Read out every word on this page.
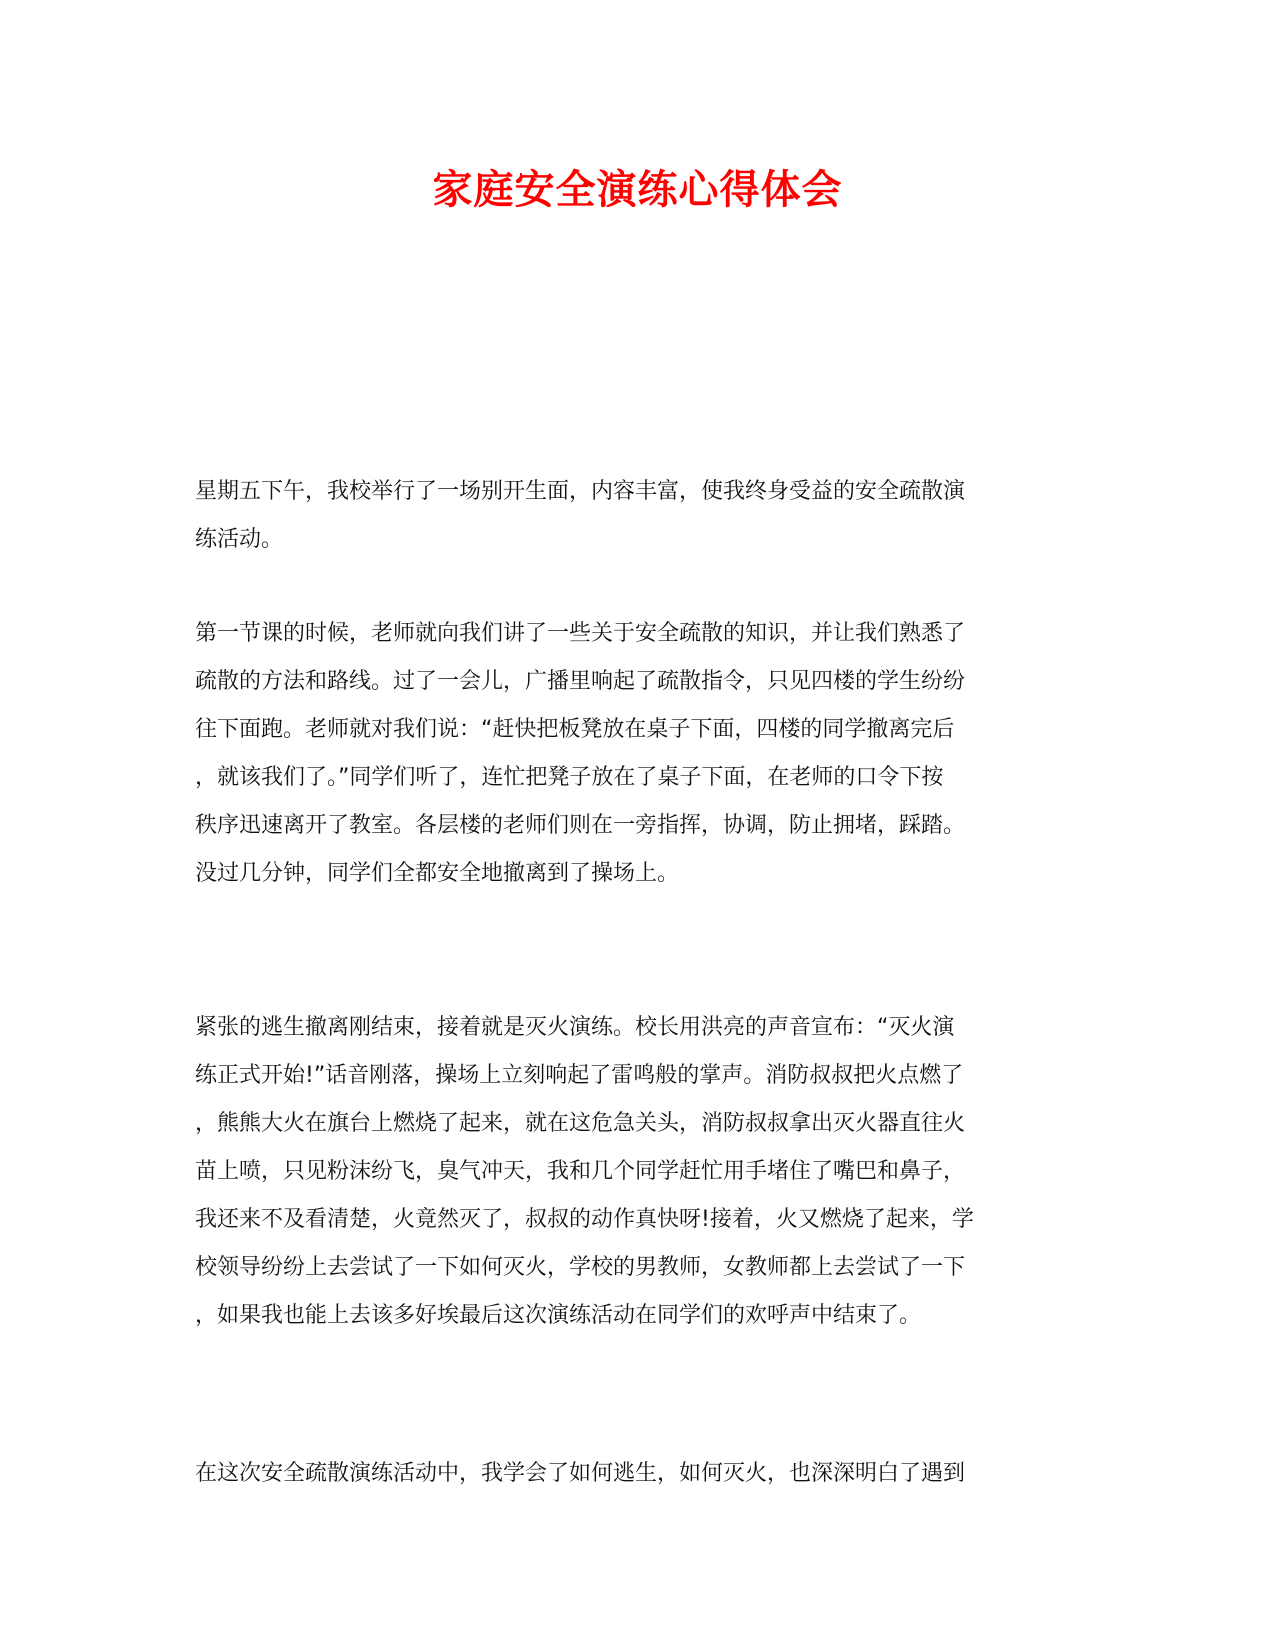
家庭安全演练心得体会
星期五下午，我校举行了一场别开生面，内容丰富，使我终身受益的安全疏散演
练活动。
第一节课的时候，老师就向我们讲了一些关于安全疏散的知识，并让我们熟悉了
疏散的方法和路线。过了一会儿，广播里响起了疏散指令，只见四楼的学生纷纷
往下面跑。老师就对我们说：“赶快把板凳放在桌子下面，四楼的同学撤离完后
，就该我们了。”同学们听了，连忙把凳子放在了桌子下面，在老师的口令下按
秩序迅速离开了教室。各层楼的老师们则在一旁指挥，协调，防止拥堵，踩踏。
没过几分钟，同学们全都安全地撤离到了操场上。
紧张的逃生撤离刚结束，接着就是灭火演练。校长用洪亮的声音宣布：“灭火演
练正式开始!”话音刚落，操场上立刻响起了雷鸣般的掌声。消防叔叔把火点燃了
，熊熊大火在旗台上燃烧了起来，就在这危急关头，消防叔叔拿出灭火器直往火
苗上喷，只见粉沫纷飞，臭气冲天，我和几个同学赶忙用手堵住了嘴巴和鼻子，
我还来不及看清楚，火竟然灭了，叔叔的动作真快呀!接着，火又燃烧了起来，学
校领导纷纷上去尝试了一下如何灭火，学校的男教师，女教师都上去尝试了一下
，如果我也能上去该多好埃最后这次演练活动在同学们的欢呼声中结束了。
在这次安全疏散演练活动中，我学会了如何逃生，如何灭火，也深深明白了遇到
